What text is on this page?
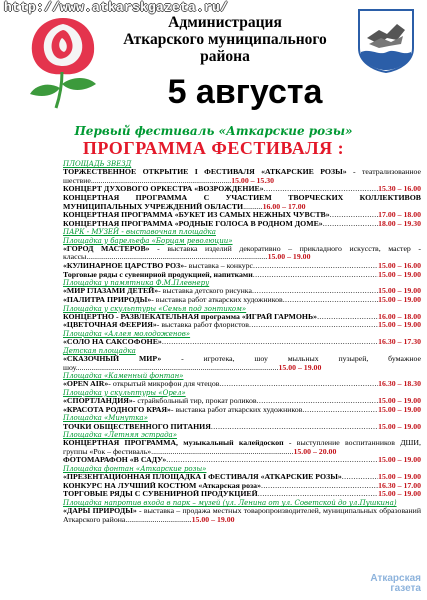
http://www.atkarskgazeta.ru/
Администрация
Аткарского муниципального
района
5 августа
Первый фестиваль «Аткарские розы»
ПРОГРАММА ФЕСТИВАЛЯ :
ПЛОЩАДЬ ЗВЕЗД
ТОРЖЕСТВЕННОЕ ОТКРЫТИЕ I ФЕСТИВАЛЯ «АТКАРСКИЕ РОЗЫ» - театрализованное шествие........................................................................15.00 – 15.30
КОНЦЕРТ ДУХОВОГО ОРКЕСТРА «ВОЗРОЖДЕНИЕ» .....	15.30 – 16.00
КОНЦЕРТНАЯ ПРОГРАММА С УЧАСТИЕМ ТВОРЧЕСКИХ КОЛЛЕКТИВОВ МУНИЦИПАЛЬНЫХ УЧРЕЖДЕНИЙ ОБЛАСТИ..........16.00 – 17.00
КОНЦЕРТНАЯ ПРОГРАММА «БУКЕТ ИЗ САМЫХ НЕЖНЫХ ЧУВСТВ» .....	17.00 – 18.00
КОНЦЕРТНАЯ ПРОГРАММА «РОДНЫЕ ГОЛОСА В РОДНОМ ДОМЕ» .....	18.00 – 19.30
ПАРК - МУЗЕЙ - выставочная площадка
Площадка у барельефа «Борцам революции»
«ГОРОД МАСТЕРОВ» - выставка изделий декоративно – прикладного искусств, мастер - классы.............................................................................................15.00 – 19.00
«КУЛИНАРНОЕ ЦАРСТВО РОЗ» - выставка – конкурс .....	15.00 – 16.00
Торговые ряды с сувенирной продукцией, напитками .....	15.00 – 19.00
Площадка у памятника Ф.М.Плевнеру
«МИР ГЛАЗАМИ ДЕТЕЙ» - выставка детского рисунка .....	15.00 – 19.00
«ПАЛИТРА ПРИРОДЫ» - выставка работ аткарских художников .....	15.00 – 19.00
Площадка у скульптуры «Семья под зонтиком»
КОНЦЕРТНО - РАЗВЛЕКАТЕЛЬНАЯ программа «ИГРАЙ ГАРМОНЬ» .....	16.00 – 18.00
«ЦВЕТОЧНАЯ ФЕЕРИЯ» - выставка работ флористов .....	15.00 – 19.00
Площадка «Аллея молодоженов»
«СОЛО НА САКСОФОНЕ» .....	16.30 – 17.30
Детская площадка
«СКАЗОЧНЫЙ МИР» - игротека, шоу мыльных пузырей, бумажное шоу........................................................................................................15.00 – 19.00
Площадка «Каменный фонтан»
«OPEN AIR» - открытый микрофон для чтецов .....	16.30 – 18.30
Площадка у скульптуры «Орел»
«СПОРТЛАНДИЯ» - страйкбольный тир, прокат роликов .....	15.00 – 19.00
«КРАСОТА РОДНОГО КРАЯ» - выставка работ аткарских художников .....	15.00 – 19.00
Площадка «Минутка»
ТОЧКИ ОБЩЕСТВЕННОГО ПИТАНИЯ .....	15.00 – 19.00
Площадка «Летняя эстрада»
КОНЦЕРТНАЯ ПРОГРАММА, музыкальный калейдоскоп - выступление воспитанников ДШИ, группы «Рок – фестиваль».........................................................................15.00 – 20.00
ФОТОМАРАФОН «В САДУ» .....	15.00 – 19.00
Площадка фонтан «Аткарские розы»
«ПРЕЗЕНТАЦИОННАЯ ПЛОЩАДКА I ФЕСТИВАЛЯ «АТКАРСКИЕ РОЗЫ» .....	15.00 – 19.00
КОНКУРС НА ЛУЧШИЙ КОСТЮМ «Аткарская роза» .....	16.30 – 17.00
ТОРГОВЫЕ РЯДЫ С СУВЕНИРНОЙ ПРОДУКЦИЕЙ .....	15.00 – 19.00
Площадка напротив входа в парк – музей (ул. Ленина от ул. Советской до ул.Пушкина)
«ДАРЫ ПРИРОДЫ» - выставка – продажа местных товаропроизводителей, муниципальных образований Аткарского района..................................15.00 – 19.00
Аткарская
газета
